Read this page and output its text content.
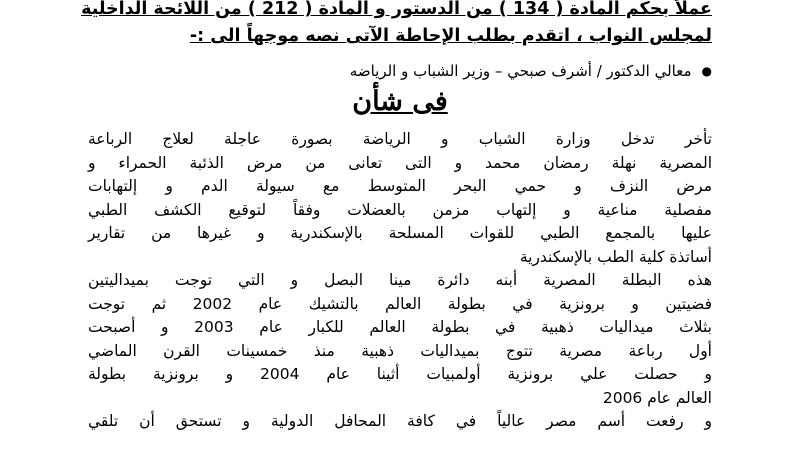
عملاً بحكم المادة ( 134 ) من الدستور و المادة ( 212 ) من اللائحة الداخلية
لمجلس النواب ، اتقدم بطلب الإحاطة الآتى نصه موجهاً الى :-
●
معالي الدكتور / أشرف صبحي – وزير الشباب و الرياضه
فى شأن
تأخر تدخل وزارة الشباب و الرياضة بصورة عاجلة لعلاج الرباعة
المصرية نهلة رمضان محمد و التى تعانى من مرض الذئبة الحمراء و
مرض النزف و حمي البحر المتوسط مع سيولة الدم و إلتهابات
مفصلية مناعية و إلتهاب مزمن بالعضلات وفقاً لتوقيع الكشف الطبي
عليها بالمجمع الطبي للقوات المسلحة بالإسكندرية و غيرها من تقارير
أساتذة كلية الطب بالإسكندرية
هذه البطلة المصرية أبنه دائرة مينا البصل و التي توجت بميداليتين
فضيتين و برونزية في بطولة العالم بالتشيك عام 2002 ثم توجت
بثلاث ميداليات ذهبية في بطولة العالم للكبار عام 2003 و أصبحت
أول رباعة مصرية تتوج بميداليات ذهبية منذ خمسينات القرن الماضي
و حصلت علي برونزية أولمبيات أثينا عام 2004 و برونزية بطولة
العالم عام 2006
و رفعت أسم مصر عالياً في كافة المحافل الدولية و تستحق أن تلقي
